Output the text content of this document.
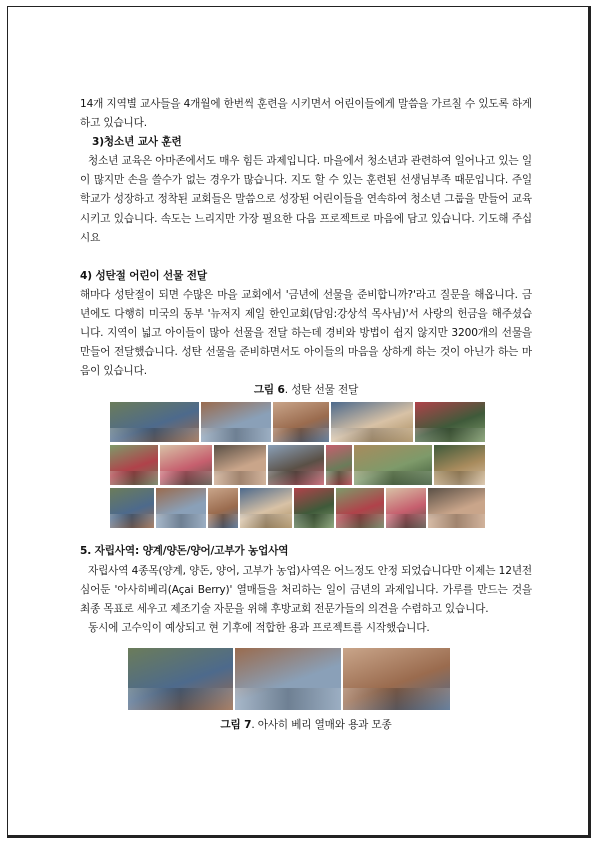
14개 지역별 교사들을 4개월에 한번씩 훈련을 시키면서 어린이들에게 말씀을 가르칠 수 있도록 하게 하고 있습니다.

3)청소년 교사 훈련

청소년 교육은 아마존에서도 매우 힘든 과제입니다. 마을에서 청소년과 관련하여 일어나고 있는 일이 많지만 손을 쓸수가 없는 경우가 많습니다. 지도 할 수 있는 훈련된 선생님부족 때문입니다. 주일학교가 성장하고 정착된 교회들은 말씀으로 성장된 어린이들을 연속하여 청소년 그룹을 만들어 교육 시키고 있습니다. 속도는 느리지만 가장 필요한 다음 프로젝트로 마음에 담고 있습니다. 기도해 주십시요

4) 성탄절 어린이 선물 전달

해마다 성탄절이 되면 수많은 마을 교회에서 '금년에 선물을 준비합니까?'라고 질문을 해옵니다. 금년에도 다행히 미국의 동부 '뉴저지 제일 한인교회(담임:강상석 목사님)'서 사랑의 헌금을 해주셨습니다. 지역이 넓고 아이들이 많아 선물을 전달 하는데 경비와 방법이 쉽지 않지만 3200개의 선물을 만들어 전달했습니다. 성탄 선물을 준비하면서도 아이들의 마음을 상하게 하는 것이 아닌가 하는 마음이 있습니다.

그림 6. 성탄 선물 전달

5. 자립사역: 양계/양돈/양어/고부가 농업사역

자립사역 4종목(양계, 양돈, 양어, 고부가 농업)사역은 어느정도 안정 되었습니다만 이제는 12년전 심어둔 '아사히베리(Açai Berry)' 열매들을 처리하는 일이 금년의 과제입니다. 가루를 만드는 것을 최종 목표로 세우고 제조기술 자문을 위해 후방교회 전문가들의 의견을 수렴하고 있습니다.

동시에 고수익이 예상되고 현 기후에 적합한 용과 프로젝트를 시작했습니다.

그림 7. 아사히 베리 열매와 용과 모종
